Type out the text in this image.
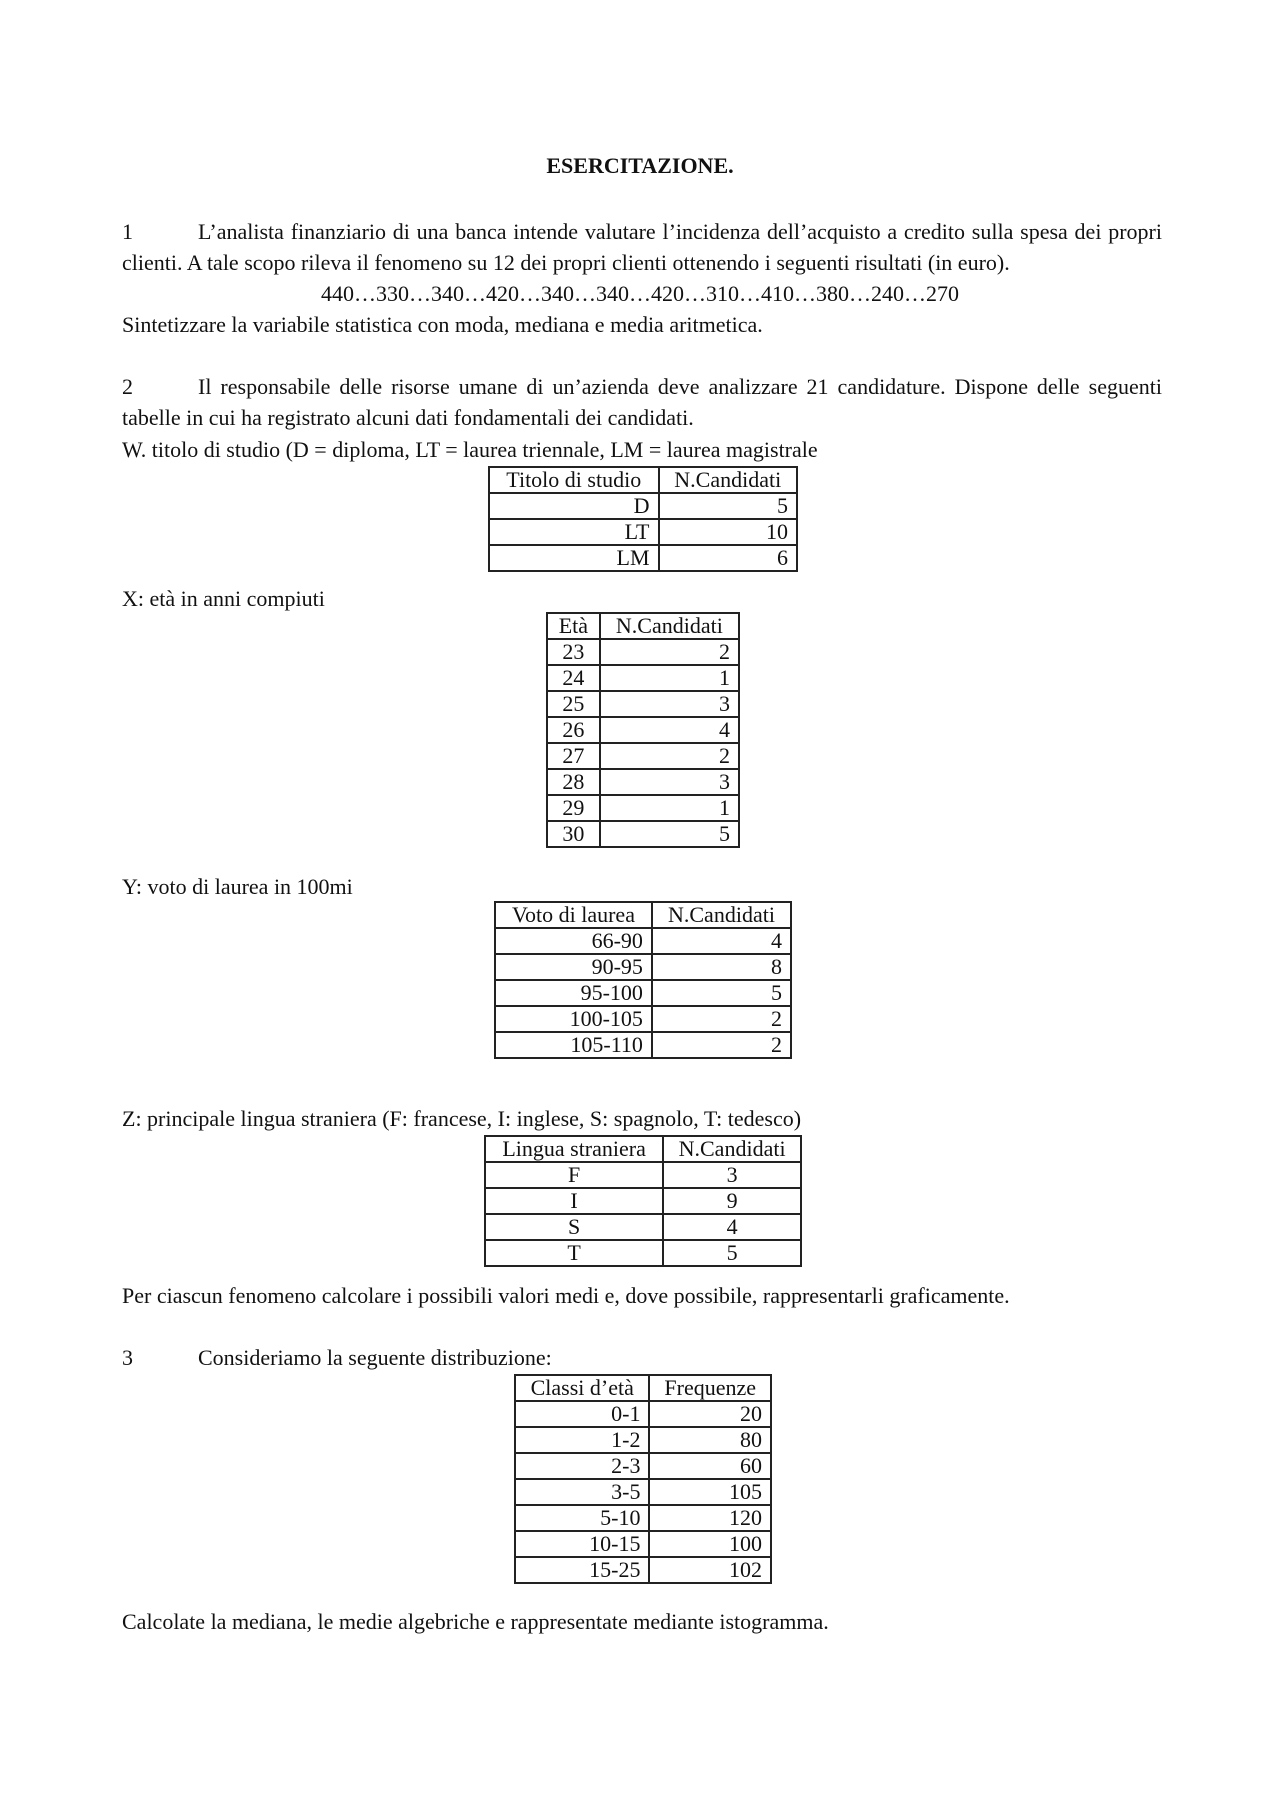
ESERCITAZIONE.
1	L’analista finanziario di una banca intende valutare l’incidenza dell’acquisto a credito sulla spesa dei propri clienti. A tale scopo rileva il fenomeno su 12 dei propri clienti ottenendo i seguenti risultati (in euro).
440…330…340…420…340…340…420…310…410…380…240…270
Sintetizzare la variabile statistica con moda, mediana e media aritmetica.
2	Il responsabile delle risorse umane di un’azienda deve analizzare 21 candidature. Dispone delle seguenti tabelle in cui ha registrato alcuni dati fondamentali dei candidati.
W. titolo di studio (D = diploma, LT = laurea triennale, LM = laurea magistrale
Titolo di studio	N.Candidati
D	5
LT	10
LM	6
X: età in anni compiuti
Età	N.Candidati
23	2
24	1
25	3
26	4
27	2
28	3
29	1
30	5
Y: voto di laurea in 100mi
Voto di laurea	N.Candidati
66-90	4
90-95	8
95-100	5
100-105	2
105-110	2
Z: principale lingua straniera (F: francese, I: inglese, S: spagnolo, T: tedesco)
Lingua straniera	N.Candidati
F	3
I	9
S	4
T	5
Per ciascun fenomeno calcolare i possibili valori medi e, dove possibile, rappresentarli graficamente.
3	Consideriamo la seguente distribuzione:
Classi d’età	Frequenze
0-1	20
1-2	80
2-3	60
3-5	105
5-10	120
10-15	100
15-25	102
Calcolate la mediana, le medie algebriche e rappresentate mediante istogramma.
